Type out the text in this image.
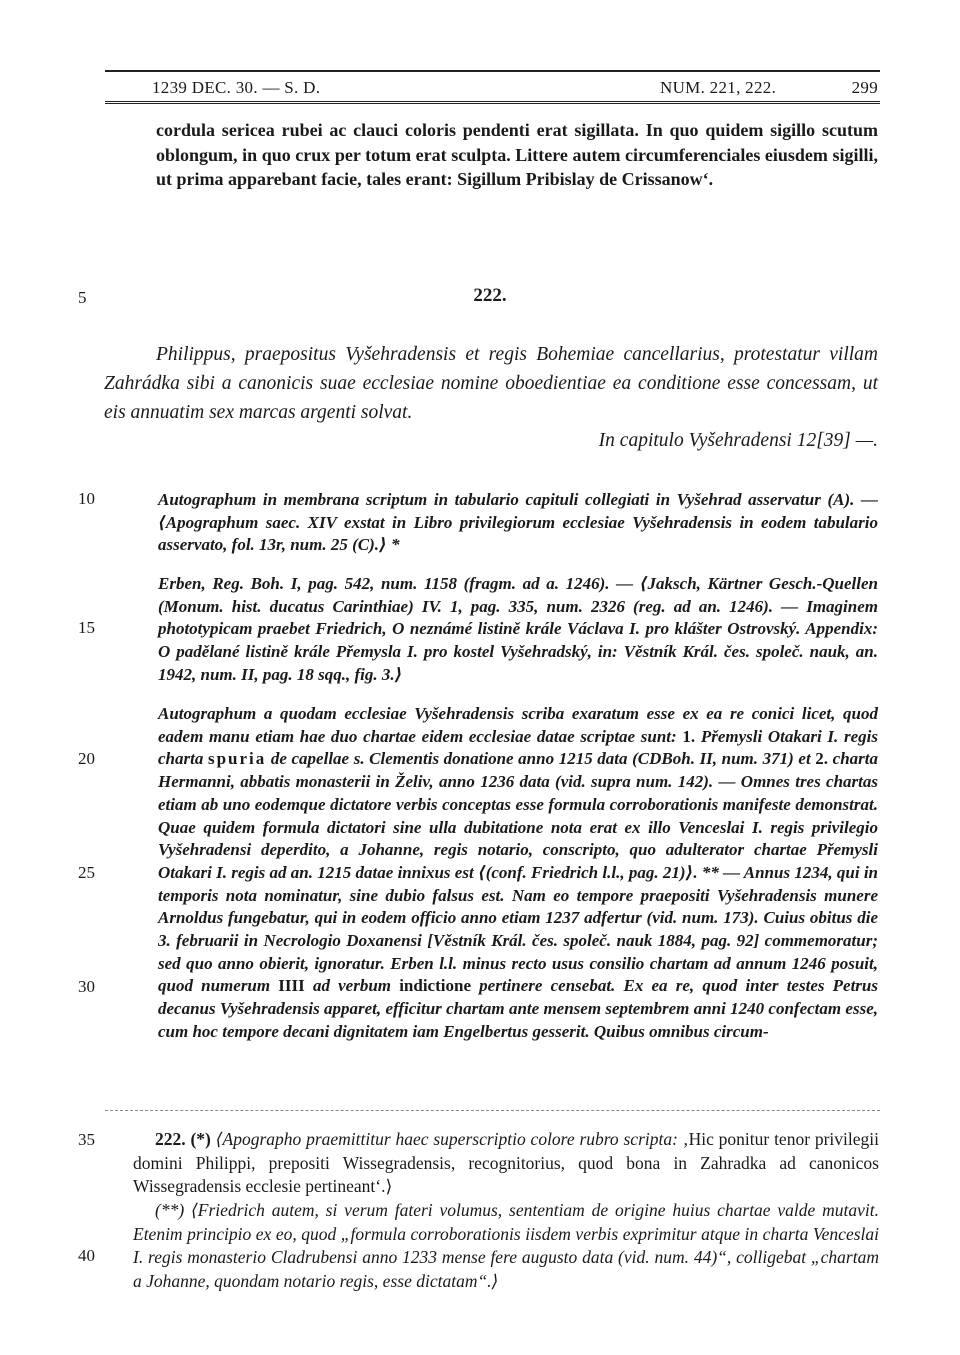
1239 DEC. 30. — S. D.	NUM. 221, 222.	299

cordula sericea rubei ac clauci coloris pendenti erat sigillata. In quo quidem sigillo scutum oblongum, in quo crux per totum erat sculpta. Littere autem circumferenciales eiusdem sigilli, ut prima apparebant facie, tales erant: Sigillum Pribislay de Crissanow‘.

5	222.

Philippus, praepositus Vyšehradensis et regis Bohemiae cancellarius, protestatur villam Zahrádka sibi a canonicis suae ecclesiae nomine oboedientiae ea conditione esse concessam, ut eis annuatim sex marcas argenti solvat.

In capitulo Vyšehradensi 12[39] —.

10	Autographum in membrana scriptum in tabulario capituli collegiati in Vyšehrad asservatur (A). — ⟨Apographum saec. XIV exstat in Libro privilegiorum ecclesiae Vyšehradensis in eodem tabulario asservato, fol. 13r, num. 25 (C).⟩ *

15

Erben, Reg. Boh. I, pag. 542, num. 1158 (fragm. ad a. 1246). — ⟨Jaksch, Kärtner Gesch.-Quellen (Monum. hist. ducatus Carinthiae) IV. 1, pag. 335, num. 2326 (reg. ad an. 1246). — Imaginem phototypicam praebet Friedrich, O neznámé listině krále Václava I. pro klášter Ostrovský. Appendix: O padělané listině krále Přemysla I. pro kostel Vyšehradský, in: Věstník Král. čes. společ. nauk, an. 1942, num. II, pag. 18 sqq., fig. 3.⟩

20

25

30

Autographum a quodam ecclesiae Vyšehradensis scriba exaratum esse ex ea re conici licet, quod eadem manu etiam hae duo chartae eidem ecclesiae datae scriptae sunt: 1. Přemysli Otakari I. regis charta spuria de capellae s. Clementis donatione anno 1215 data (CDBoh. II, num. 371) et 2. charta Hermanni, abbatis monasterii in Želiv, anno 1236 data (vid. supra num. 142). — Omnes tres chartas etiam ab uno eodemque dictatore verbis conceptas esse formula corroborationis manifeste demonstrat. Quae quidem formula dictatori sine ulla dubitatione nota erat ex illo Venceslai I. regis privilegio Vyšehradensi deperdito, a Johanne, regis notario, conscripto, quo adulterator chartae Přemysli Otakari I. regis ad an. 1215 datae innixus est ⟨(conf. Friedrich l.l., pag. 21)⟩. ** — Annus 1234, qui in temporis nota nominatur, sine dubio falsus est. Nam eo tempore praepositi Vyšehradensis munere Arnoldus fungebatur, qui in eodem officio anno etiam 1237 adfertur (vid. num. 173). Cuius obitus die 3. februarii in Necrologio Doxanensi [Věstník Král. čes. společ. nauk 1884, pag. 92] commemoratur; sed quo anno obierit, ignoratur. Erben l.l. minus recto usus consilio chartam ad annum 1246 posuit, quod numerum IIII ad verbum indictione pertinere censebat. Ex ea re, quod inter testes Petrus decanus Vyšehradensis apparet, efficitur chartam ante mensem septembrem anni 1240 confectam esse, cum hoc tempore decani dignitatem iam Engelbertus gesserit. Quibus omnibus circum-

35	222. (*) ⟨Apographo praemittitur haec superscriptio colore rubro scripta: ‚Hic ponitur tenor privilegii domini Philippi, prepositi Wissegradensis, recognitorius, quod bona in Zahradka ad canonicos Wissegradensis ecclesie pertineant‘.⟩

40

(**) ⟨Friedrich autem, si verum fateri volumus, sententiam de origine huius chartae valde mutavit. Etenim principio ex eo, quod „formula corroborationis iisdem verbis exprimitur atque in charta Venceslai I. regis monasterio Cladrubensi anno 1233 mense fere augusto data (vid. num. 44)“, colligebat „chartam a Johanne, quondam notario regis, esse dictatam“.⟩
